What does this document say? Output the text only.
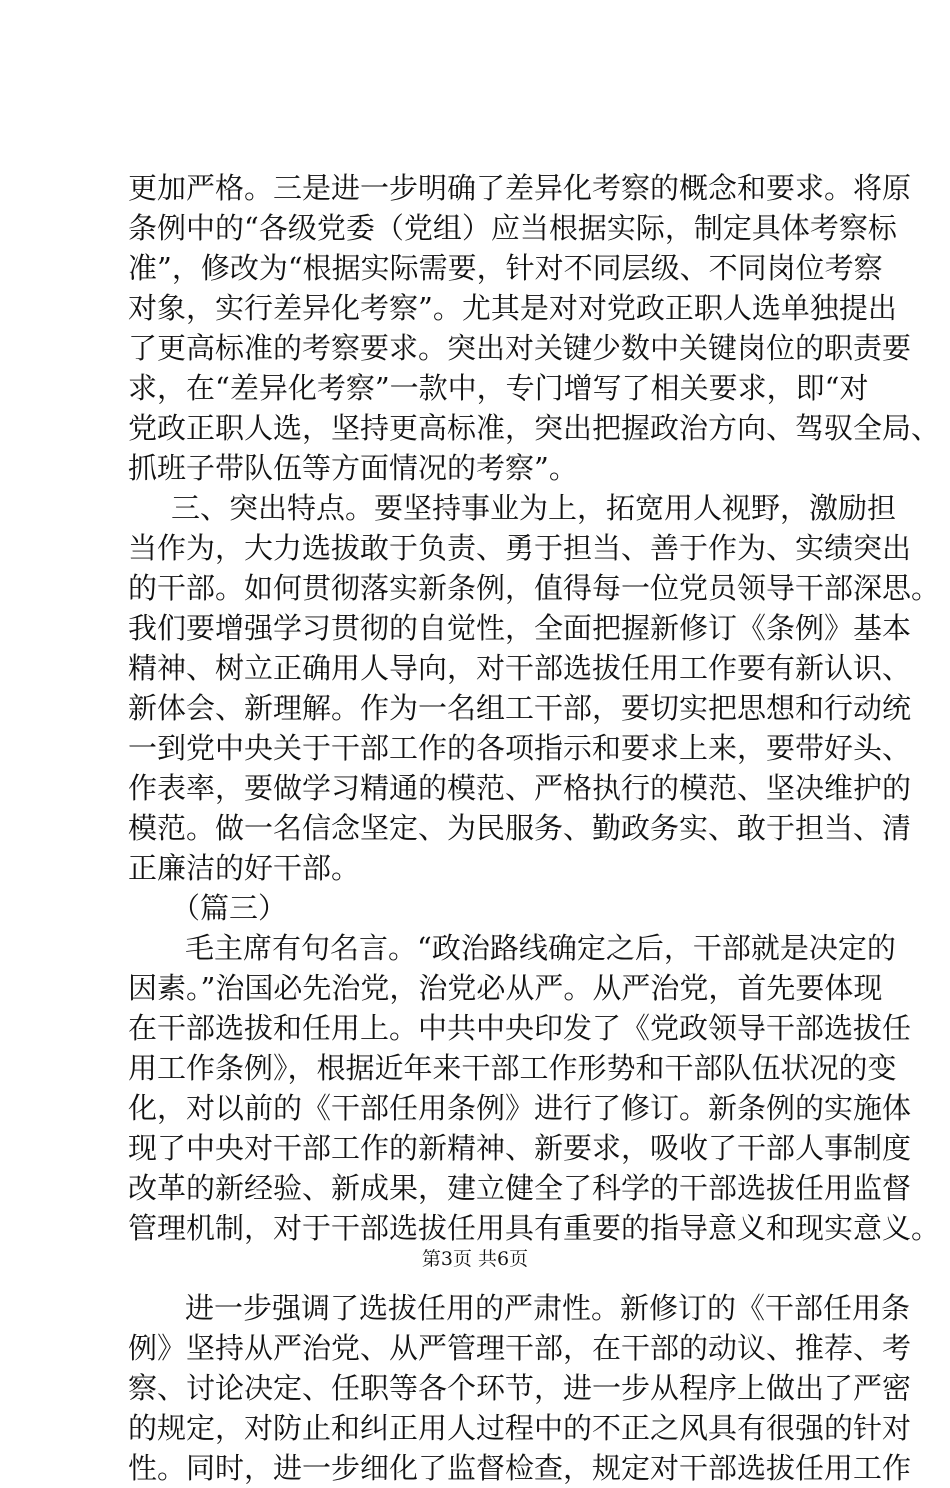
更加严格。三是进一步明确了差异化考察的概念和要求。将原
条例中的“各级党委（党组）应当根据实际，制定具体考察标
准”，修改为“根据实际需要，针对不同层级、不同岗位考察
对象，实行差异化考察”。尤其是对对党政正职人选单独提出
了更高标准的考察要求。突出对关键少数中关键岗位的职责要
求，在“差异化考察”一款中，专门增写了相关要求，即“对
党政正职人选，坚持更高标准，突出把握政治方向、驾驭全局、
抓班子带队伍等方面情况的考察”。
三、突出特点。要坚持事业为上，拓宽用人视野，激励担
当作为，大力选拔敢于负责、勇于担当、善于作为、实绩突出
的干部。如何贯彻落实新条例，值得每一位党员领导干部深思。
我们要增强学习贯彻的自觉性，全面把握新修订《条例》基本
精神、树立正确用人导向，对干部选拔任用工作要有新认识、
新体会、新理解。作为一名组工干部，要切实把思想和行动统
一到党中央关于干部工作的各项指示和要求上来，要带好头、
作表率，要做学习精通的模范、严格执行的模范、坚决维护的
模范。做一名信念坚定、为民服务、勤政务实、敢于担当、清
正廉洁的好干部。
（篇三）
毛主席有句名言。“政治路线确定之后，干部就是决定的
因素。”治国必先治党，治党必从严。从严治党，首先要体现
在干部选拔和任用上。中共中央印发了《党政领导干部选拔任
用工作条例》，根据近年来干部工作形势和干部队伍状况的变
化，对以前的《干部任用条例》进行了修订。新条例的实施体
现了中央对干部工作的新精神、新要求，吸收了干部人事制度
改革的新经验、新成果，建立健全了科学的干部选拔任用监督
管理机制，对于干部选拔任用具有重要的指导意义和现实意义。
进一步强调了选拔任用的严肃性。新修订的《干部任用条
例》坚持从严治党、从严管理干部，在干部的动议、推荐、考
察、讨论决定、任职等各个环节，进一步从程序上做出了严密
的规定，对防止和纠正用人过程中的不正之风具有很强的针对
性。同时，进一步细化了监督检查，规定对干部选拔任用工作
第3页 共6页
